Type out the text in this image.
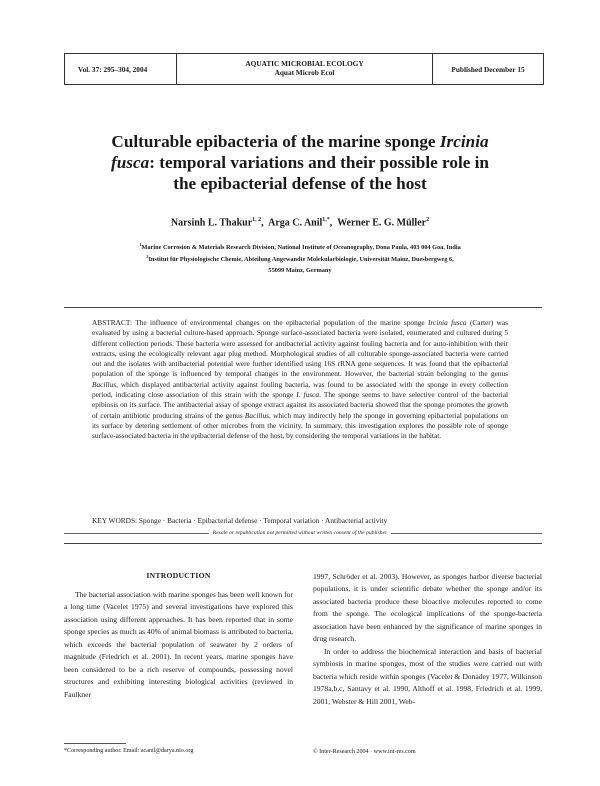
Vol. 37: 295–304, 2004
AQUATIC MICROBIAL ECOLOGY
Aquat Microb Ecol	Published December 15
Culturable epibacteria of the marine sponge Ircinia
fusca: temporal variations and their possible role in
the epibacterial defense of the host
Narsinh L. Thakur$^{1, 2}$,  Arga C. Anil$^{1,*}$,  Werner E. G. Müller$^2$
$^1$Marine Corrosion & Materials Research Division, National Institute of Oceanography, Dona Paula, 403 004 Goa, India
$^2$Institut für Physiologische Chemie, Abteilung Angewandte Molekularbiologie, Universität Mainz, Duesbergweg 6,
55099 Mainz, Germany
ABSTRACT: The influence of environmental changes on the epibacterial population of the marine sponge Ircinia fusca (Carter) was evaluated by using a bacterial culture-based approach. Sponge surface-associated bacteria were isolated, enumerated and cultured during 5 different collection periods. These bacteria were assessed for antibacterial activity against fouling bacteria and for auto-inhibition with their extracts, using the ecologically relevant agar plug method. Morphological studies of all culturable sponge-associated bacteria were carried out and the isolates with antibacterial potential were further identified using 16S rRNA gene sequences. It was found that the epibacterial population of the sponge is influenced by temporal changes in the environment. However, the bacterial strain belonging to the genus Bacillus, which displayed antibacterial activity against fouling bacteria, was found to be associated with the sponge in every collection period, indicating close association of this strain with the sponge I. fusca. The sponge seems to have selective control of the bacterial epibiosis on its surface. The antibacterial assay of sponge extract against its associated bacteria showed that the sponge promotes the growth of certain antibiotic producing strains of the genus Bacillus, which may indirectly help the sponge in governing epibacterial populations on its surface by detering settlement of other microbes from the vicinity. In summary, this investigation explores the possible role of sponge surface-associated bacteria in the epibacterial defense of the host, by considering the temporal variations in the habitat.
KEY WORDS: Sponge · Bacteria · Epibacterial defense · Temporal variation · Antibacterial activity
Resale or republication not permitted without written consent of the publisher
INTRODUCTION

The bacterial association with marine sponges has been well known for a long time (Vacelet 1975) and several investigations have explored this association using different approaches. It has been reported that in some sponge species as much as 40% of animal biomass is attributed to bacteria, which exceeds the bacterial population of seawater by 2 orders of magnitude (Friedrich et al. 2001). In recent years, marine sponges have been considered to be a rich reserve of compounds, possessing novel structures and exhibiting interesting biological activities (reviewed in Faulkner

1997, Schröder et al. 2003). However, as sponges harbor diverse bacterial populations, it is under scientific debate whether the sponge and/or its associated bacteria produce these bioactive molecules reported to come from the sponge. The ecological implications of the sponge-bacteria association have been enhanced by the significance of marine sponges in drug research.

In order to address the biochemical interaction and basis of bacterial symbiosis in marine sponges, most of the studies were carried out with bacteria which reside within sponges (Vacelet & Donadey 1977, Wilkinson 1978a,b,c, Santavy et al. 1990, Althoff et al. 1998, Friedrich et al. 1999, 2001, Webster & Hill 2001, Web-

*Corresponding author. Email: acanil@darya.nio.org	© Inter-Research 2004 · www.int-res.com
